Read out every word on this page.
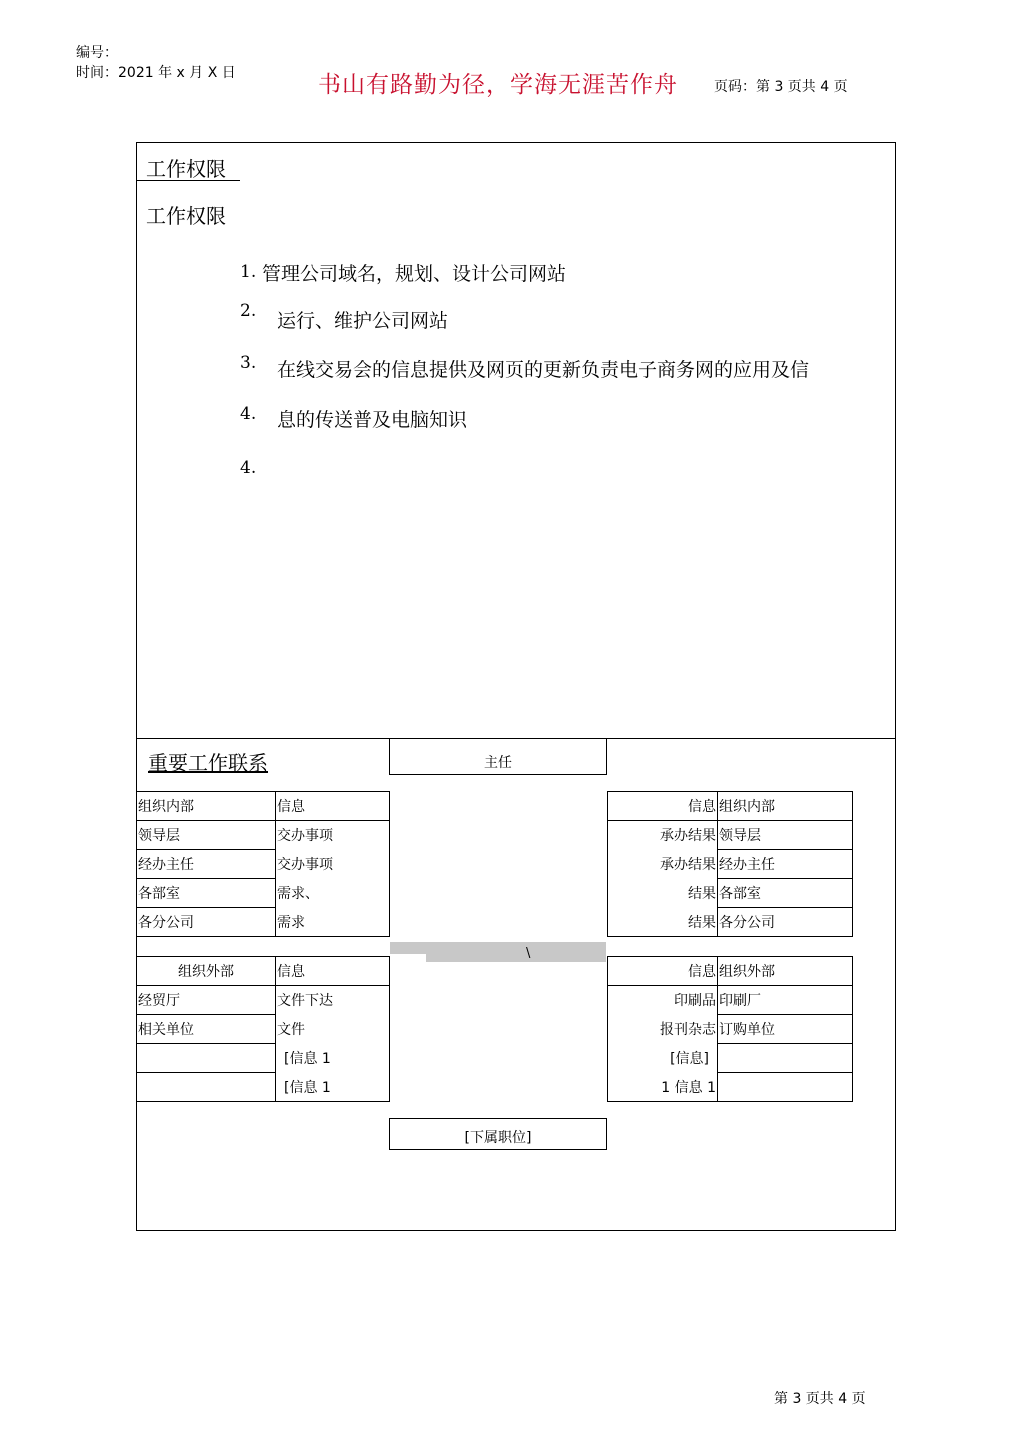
编号：
时间：2021 年 x 月 X 日	书山有路勤为径，学海无涯苦作舟	页码：第 3 页共 4 页
工作权限
工作权限
1. 管理公司域名，规划、设计公司网站
2. 运行、维护公司网站
3. 在线交易会的信息提供及网页的更新负责电子商务网的应用及信
4. 息的传送普及电脑知识
4.
重要工作联系	主任
\
组织内部	信息
领导层	交办事项
经办主任	交办事项
各部室	需求、
各分公司	需求
组织外部	信息
经贸厅	文件下达
相关单位	文件
	[信息 1
	[信息 1
信息	组织内部
承办结果	领导层
承办结果	经办主任
结果	各部室
结果	各分公司
信息	组织外部
印刷品	印刷厂
报刊杂志	订购单位
[信息]	
1 信息 1	
[下属职位]
第 3 页共 4 页
